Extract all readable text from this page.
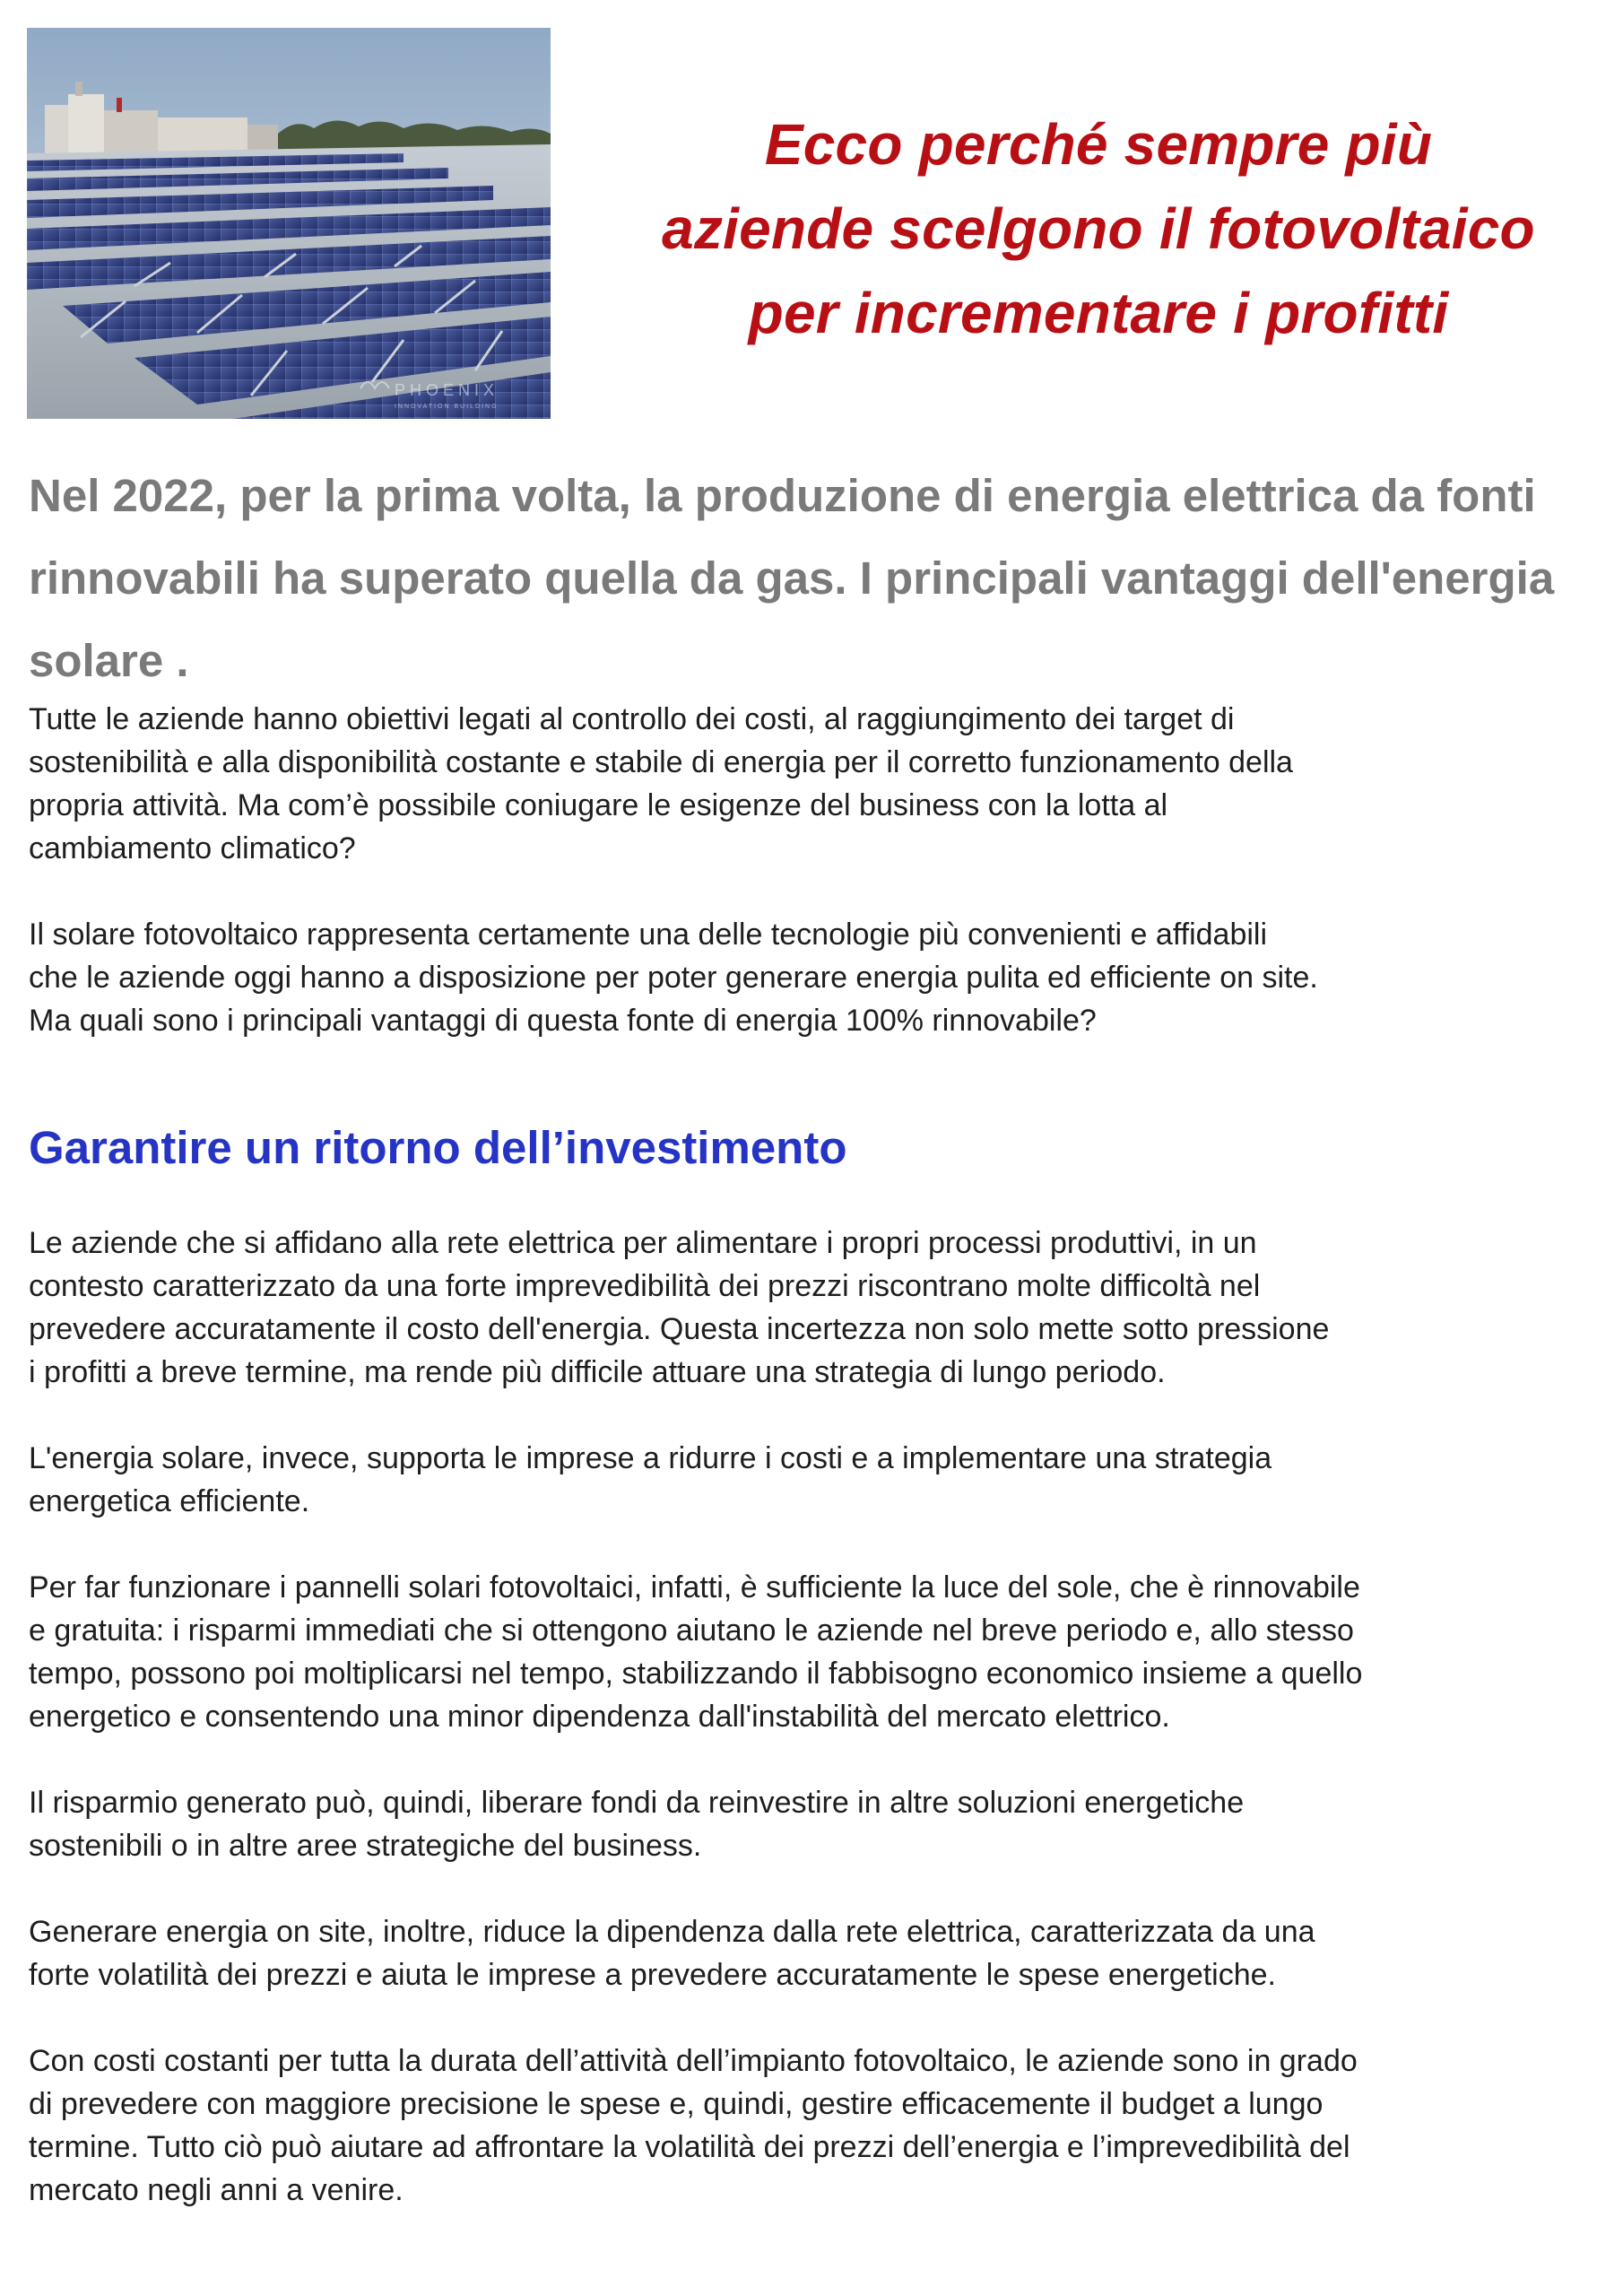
PHOENIX
INNOVATION BUILDING
Ecco perché sempre più
aziende scelgono il fotovoltaico
per incrementare i profitti

Nel 2022, per la prima volta, la produzione di energia elettrica da fonti rinnovabili ha superato quella da gas. I principali vantaggi dell'energia solare .

Tutte le aziende hanno obiettivi legati al controllo dei costi, al raggiungimento dei target di
sostenibilità e alla disponibilità costante e stabile di energia per il corretto funzionamento della
propria attività. Ma com’è possibile coniugare le esigenze del business con la lotta al
cambiamento climatico?

Il solare fotovoltaico rappresenta certamente una delle tecnologie più convenienti e affidabili
che le aziende oggi hanno a disposizione per poter generare energia pulita ed efficiente on site.
Ma quali sono i principali vantaggi di questa fonte di energia 100% rinnovabile?

Garantire un ritorno dell’investimento

Le aziende che si affidano alla rete elettrica per alimentare i propri processi produttivi, in un
contesto caratterizzato da una forte imprevedibilità dei prezzi riscontrano molte difficoltà nel
prevedere accuratamente il costo dell'energia. Questa incertezza non solo mette sotto pressione
i profitti a breve termine, ma rende più difficile attuare una strategia di lungo periodo.

L'energia solare, invece, supporta le imprese a ridurre i costi e a implementare una strategia
energetica efficiente.

Per far funzionare i pannelli solari fotovoltaici, infatti, è sufficiente la luce del sole, che è rinnovabile
e gratuita: i risparmi immediati che si ottengono aiutano le aziende nel breve periodo e, allo stesso
tempo, possono poi moltiplicarsi nel tempo, stabilizzando il fabbisogno economico insieme a quello
energetico e consentendo una minor dipendenza dall'instabilità del mercato elettrico.

Il risparmio generato può, quindi, liberare fondi da reinvestire in altre soluzioni energetiche
sostenibili o in altre aree strategiche del business.

Generare energia on site, inoltre, riduce la dipendenza dalla rete elettrica, caratterizzata da una
forte volatilità dei prezzi e aiuta le imprese a prevedere accuratamente le spese energetiche.

Con costi costanti per tutta la durata dell’attività dell’impianto fotovoltaico, le aziende sono in grado
di prevedere con maggiore precisione le spese e, quindi, gestire efficacemente il budget a lungo
termine. Tutto ciò può aiutare ad affrontare la volatilità dei prezzi dell’energia e l’imprevedibilità del
mercato negli anni a venire.
